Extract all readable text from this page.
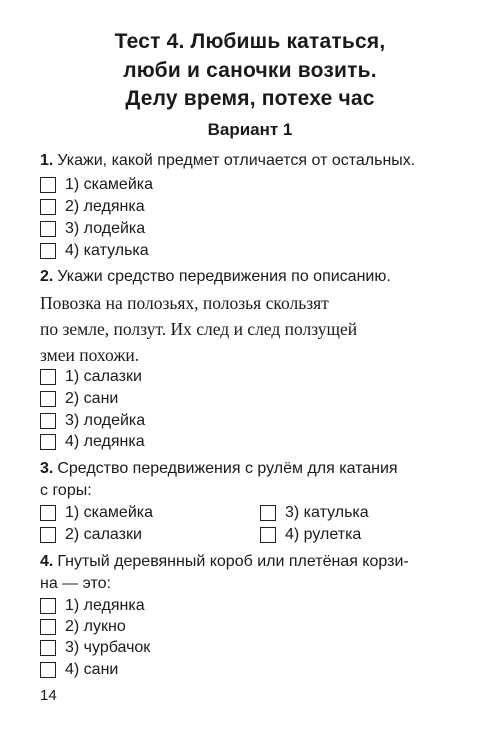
Тест 4. Любишь кататься,
люби и саночки возить.
Делу время, потехе час
Вариант 1
1. Укажи, какой предмет отличается от остальных.
1) скамейка
2) ледянка
3) лодейка
4) катулька
2. Укажи средство передвижения по описанию.
Повозка на полозьях, полозья скользят
по земле, ползут. Их след и след ползущей
змеи похожи.
1) салазки
2) сани
3) лодейка
4) ледянка
3. Средство передвижения с рулём для катания
с горы:
1) скамейка
2) салазки
3) катулька
4) рулетка
4. Гнутый деревянный короб или плетёная корзи-
на — это:
1) ледянка
2) лукно
3) чурбачок
4) сани
14
